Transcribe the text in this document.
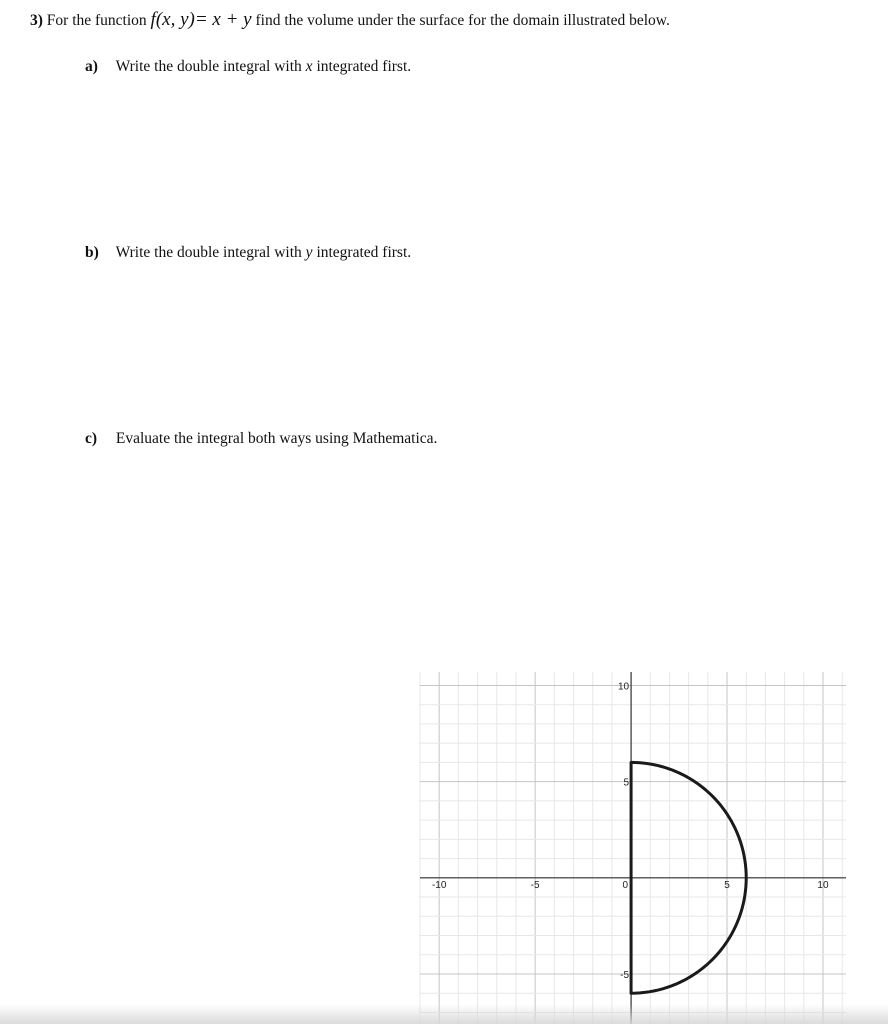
3) For the function f(x, y)= x + y find the volume under the surface for the domain illustrated below.
a) Write the double integral with x integrated first.
b) Write the double integral with y integrated first.
c) Evaluate the integral both ways using Mathematica.
-10	-5	0	5	10
10
5
-5
